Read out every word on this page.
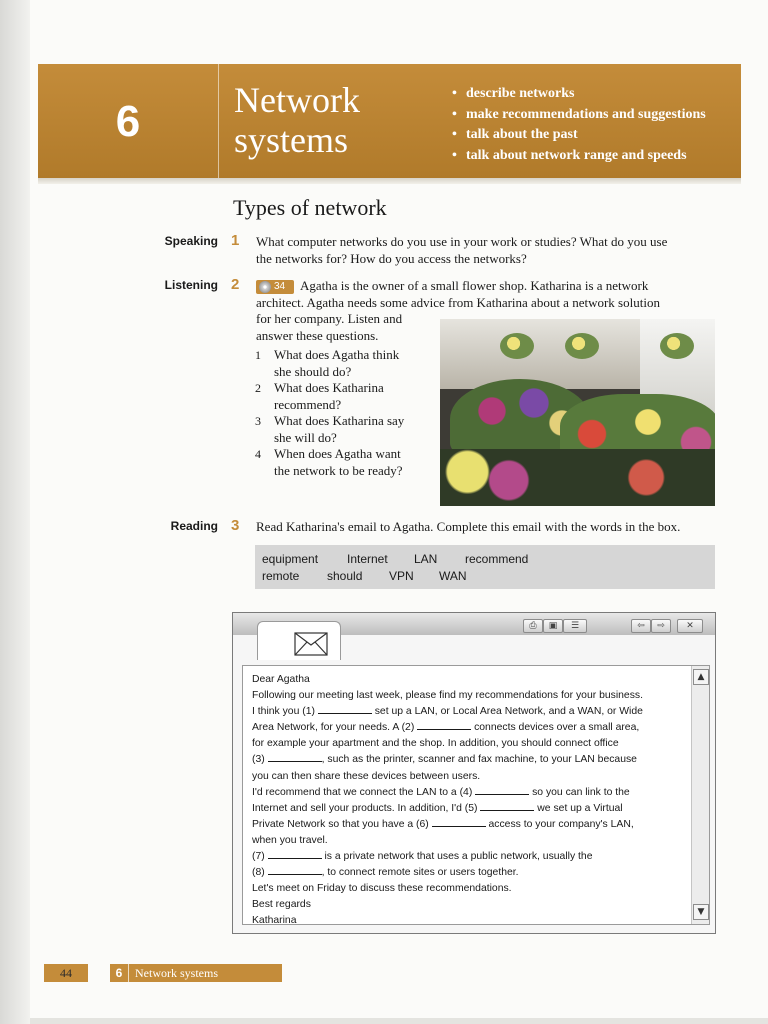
6	Network
systems
• describe networks
• make recommendations and suggestions
• talk about the past
• talk about network range and speeds
Types of network
Speaking 1 What computer networks do you use in your work or studies? What do you use
the networks for? How do you access the networks?
Listening 2	34 Agatha is the owner of a small flower shop. Katharina is a network
architect. Agatha needs some advice from Katharina about a network solution
for her company. Listen and
answer these questions.
1 What does Agatha think
she should do?
2 What does Katharina
recommend?
3 What does Katharina say
she will do?
4 When does Agatha want
the network to be ready?
Reading 3 Read Katharina's email to Agatha. Complete this email with the words in the box.
equipment Internet LAN recommend
remote should VPN WAN
⎙	▣	☰	⇦	⇨	✕

Dear Agatha

Following our meeting last week, please find my recommendations for your business.

I think you (1)	set up a LAN, or Local Area Network, and a WAN, or Wide

Area Network, for your needs. A (2)	connects devices over a small area,

for example your apartment and the shop. In addition, you should connect office

(3)	, such as the printer, scanner and fax machine, to your LAN because

you can then share these devices between users.

I'd recommend that we connect the LAN to a (4)	so you can link to the

Internet and sell your products. In addition, I'd (5)	we set up a Virtual

Private Network so that you have a (6)	access to your company's LAN,

when you travel.

(7)	is a private network that uses a public network, usually the

(8)	, to connect remote sites or users together.

Let's meet on Friday to discuss these recommendations.

Best regards

Katharina

▲
▼
44	6 Network systems
